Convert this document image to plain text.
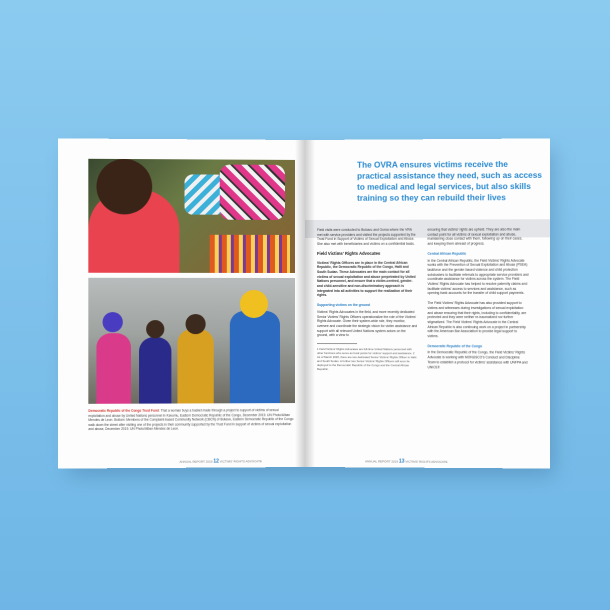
Democratic Republic of the Congo Trust Fund: That a woman buys a basket made through a project to support of victims of sexual exploitation and abuse by United Nations personnel in Kavumu, Eastern Democratic Republic of the Congo, December 2019. UN Photo/Alban Mendes de Leon. Bottom: Members of the Complaint-based Community Network (CBCN) of Bukavu, Eastern Democratic Republic of the Congo walk down the street after visiting one of the projects in their community supported by the Trust Fund in support of victims of sexual exploitation and abuse, December 2019. UN Photo/Alban Mendes de Leon.
ANNUAL REPORT 2019 12 VICTIMS' RIGHTS ADVOCATE
The OVRA ensures victims receive the practical assistance they need, such as access to medical and legal services, but also skills training so they can rebuild their lives

Field visits were conducted to Bukavu and Goma where the VRA met with service providers and visited the projects supported by the Trust Fund in Support of Victims of Sexual Exploitation and Abuse. She also met with beneficiaries and victims on a confidential basis.

Field Victims' Rights Advocates

Victims' Rights Officers are in place in the Central African Republic, the Democratic Republic of the Congo, Haiti and South Sudan. These Advocates are the main contact for all victims of sexual exploitation and abuse perpetrated by United Nations personnel, and ensure that a victim-centred, gender- and child-sensitive and non-discriminatory approach is integrated into all activities to support the realization of their rights.

Supporting victims on the ground

Victims' Rights Advocates in the field, and more recently dedicated Senior Victims' Rights Officers operationalize the role of the Victims' Rights Advocate. Given their system-wide role, they monitor, oversee and coordinate the strategic vision for victim assistance and support with all relevant United Nations system actors on the ground, with a view to

1 Field Victims' Rights Advocates are full-time United Nations personnel with other functions who serve as focal points for victims' support and assistance. 2 As of March 2020, there are two dedicated Senior Victims' Rights Officer in Haiti and South Sudan. A further two Senior Victims' Rights Officers will soon be deployed to the Democratic Republic of the Congo and the Central African Republic.

ensuring that victims' rights are upheld. They are also the main contact point for all victims of sexual exploitation and abuse, maintaining close contact with them, following up on their cases, and keeping them abreast of progress.

Central African Republic

In the Central African Republic, the Field Victims' Rights Advocate works with the Prevention of Sexual Exploitation and Abuse (PSEA) taskforce and the gender-based violence and child protection subclusters to facilitate referrals to appropriate service providers and coordinate assistance for victims across the system. The Field Victims' Rights Advocate has helped to resolve paternity claims and facilitate victims' access to services and assistance, such as opening bank accounts for the transfer of child support payments.

The Field Victims' Rights Advocate has also provided support to victims and witnesses during investigations of sexual exploitation and abuse ensuring that their rights, including to confidentiality, are protected and they were neither re-traumatized nor further stigmatized. The Field Victims' Rights Advocate in the Central African Republic is also continuing work on a project in partnership with the American Bar Association to provide legal support to victims.

Democratic Republic of the Congo

In the Democratic Republic of the Congo, the Field Victims' Rights Advocate is working with MONUSCO's Conduct and Discipline Team to establish a protocol for victims' assistance with UNFPA and UNICEF.

ANNUAL REPORT 2019 13 VICTIMS' RIGHTS ADVOCATE
